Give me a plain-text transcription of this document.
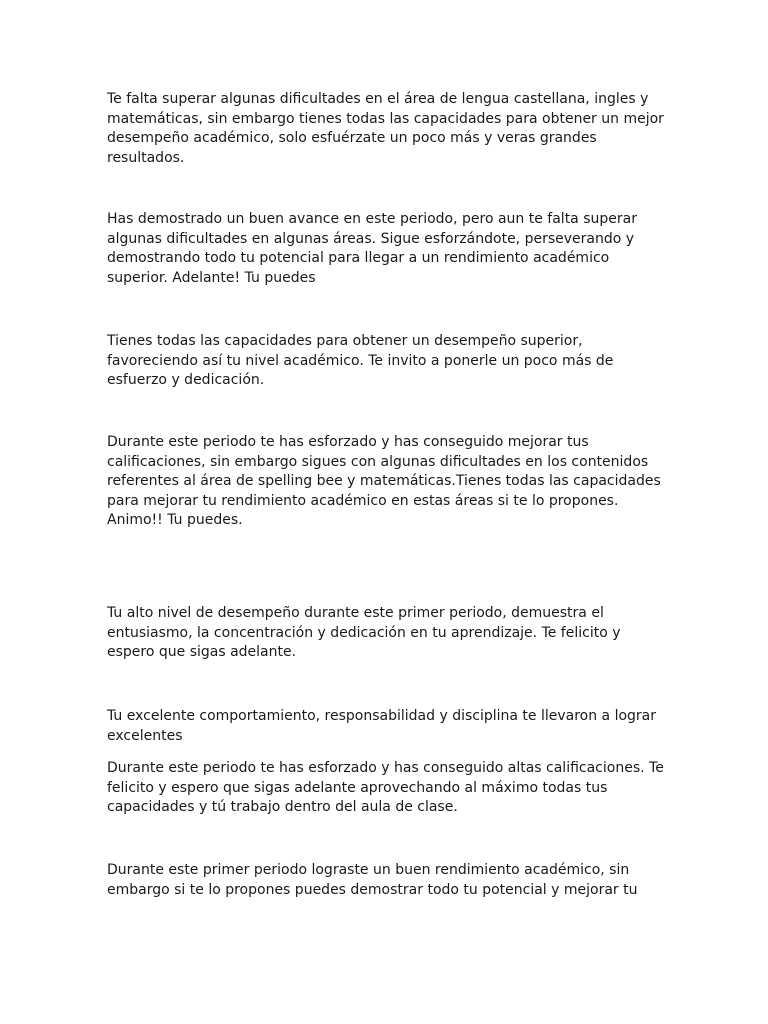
Te falta superar algunas dificultades en el área de lengua castellana, ingles y matemáticas, sin embargo tienes todas las capacidades para obtener un mejor desempeño académico, solo esfuérzate un poco más y veras grandes resultados.

Has demostrado un buen avance en este periodo, pero aun te falta superar algunas dificultades en algunas áreas. Sigue esforzándote, perseverando y demostrando todo tu potencial para llegar a un rendimiento académico superior. Adelante! Tu puedes

Tienes todas las capacidades para obtener un desempeño superior, favoreciendo así tu nivel académico. Te invito a ponerle un poco más de esfuerzo y dedicación.

Durante este periodo te has esforzado y has conseguido mejorar tus calificaciones, sin embargo sigues con algunas dificultades en los contenidos referentes al área de spelling bee y matemáticas.Tienes todas las capacidades para mejorar tu rendimiento académico en estas áreas si te lo propones. Animo!! Tu puedes.

Tu alto nivel de desempeño durante este primer periodo, demuestra el entusiasmo, la concentración y dedicación en tu aprendizaje. Te felicito y espero que sigas adelante.

Tu excelente comportamiento, responsabilidad y disciplina te llevaron a lograr excelentes

Durante este periodo te has esforzado y has conseguido altas calificaciones. Te felicito y espero que sigas adelante aprovechando al máximo todas tus capacidades y tú trabajo dentro del aula de clase.

Durante este primer periodo lograste un buen rendimiento académico, sin embargo si te lo propones puedes demostrar todo tu potencial y mejorar tu
